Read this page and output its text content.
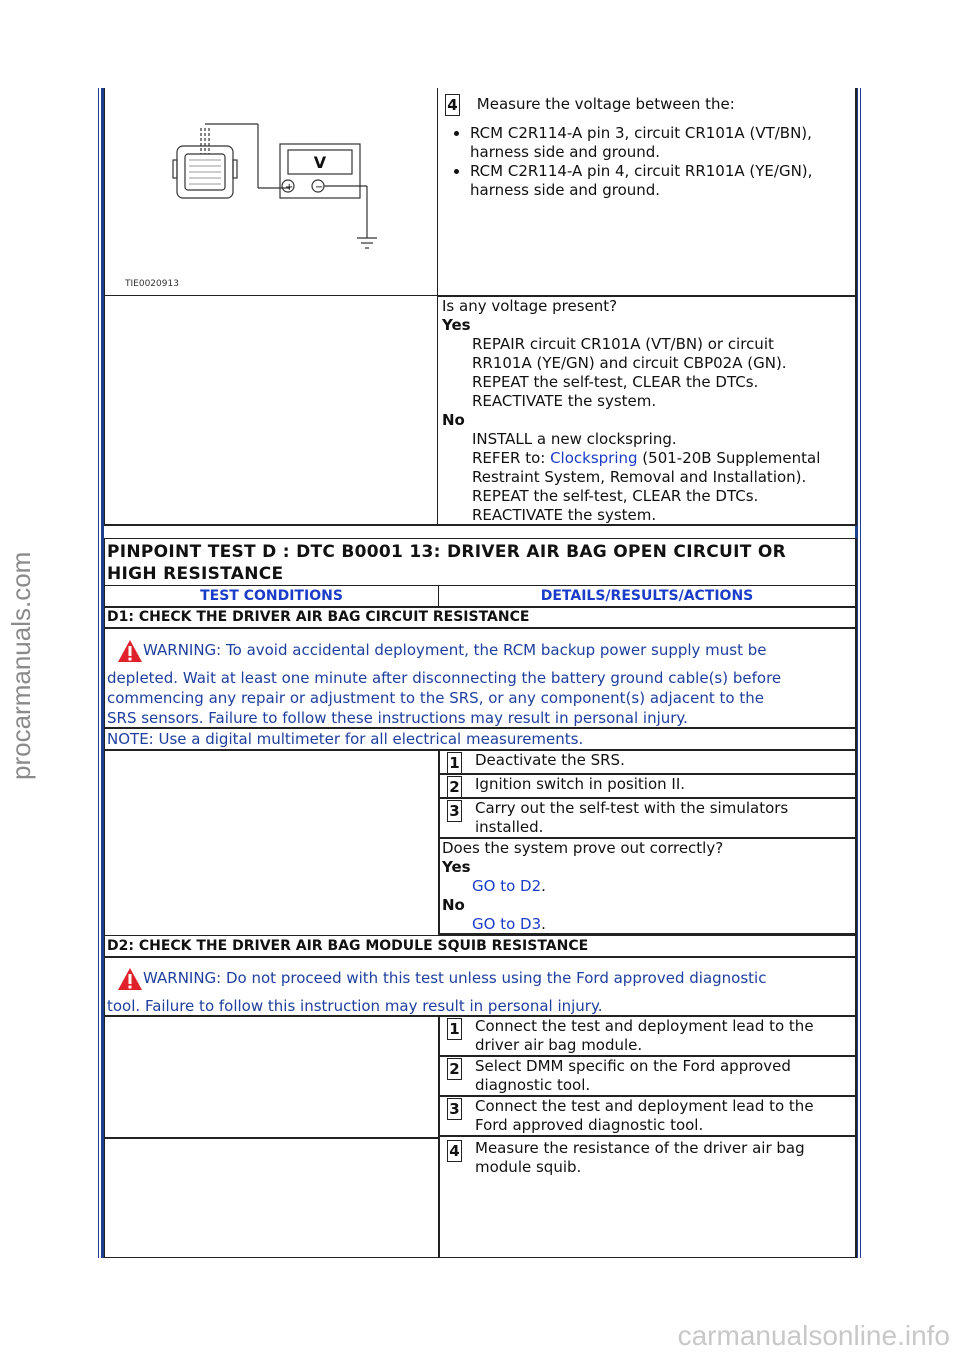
procarmanuals.com
carmanualsonline.info
V
+ −
TIE0020913
4 Measure the voltage between the:
• RCM C2R114-A pin 3, circuit CR101A (VT/BN), harness side and ground.
• RCM C2R114-A pin 4, circuit RR101A (YE/GN), harness side and ground.
Is any voltage present?
Yes
REPAIR circuit CR101A (VT/BN) or circuit
RR101A (YE/GN) and circuit CBP02A (GN).
REPEAT the self-test, CLEAR the DTCs.
REACTIVATE the system.
No
INSTALL a new clockspring.
REFER to: Clockspring (501-20B Supplemental
Restraint System, Removal and Installation).
REPEAT the self-test, CLEAR the DTCs.
REACTIVATE the system.
PINPOINT TEST D : DTC B0001 13: DRIVER AIR BAG OPEN CIRCUIT OR
HIGH RESISTANCE
TEST CONDITIONS	DETAILS/RESULTS/ACTIONS
D1: CHECK THE DRIVER AIR BAG CIRCUIT RESISTANCE
WARNING: To avoid accidental deployment, the RCM backup power supply must be
depleted. Wait at least one minute after disconnecting the battery ground cable(s) before
commencing any repair or adjustment to the SRS, or any component(s) adjacent to the
SRS sensors. Failure to follow these instructions may result in personal injury.
NOTE: Use a digital multimeter for all electrical measurements.
1 Deactivate the SRS.
2 Ignition switch in position II.
3 Carry out the self-test with the simulators installed.
Does the system prove out correctly?
Yes
GO to D2.
No
GO to D3.
D2: CHECK THE DRIVER AIR BAG MODULE SQUIB RESISTANCE
WARNING: Do not proceed with this test unless using the Ford approved diagnostic
tool. Failure to follow this instruction may result in personal injury.
1 Connect the test and deployment lead to the driver air bag module.
2 Select DMM specific on the Ford approved diagnostic tool.
3 Connect the test and deployment lead to the Ford approved diagnostic tool.
4 Measure the resistance of the driver air bag module squib.
